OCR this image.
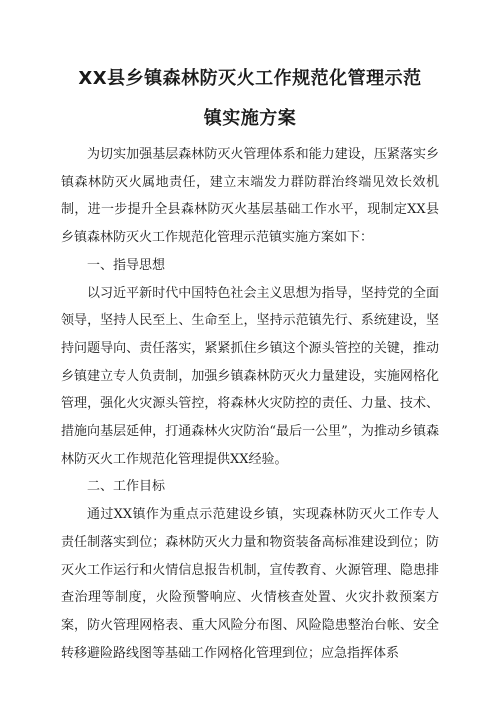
XX县乡镇森林防灭火工作规范化管理示范
镇实施方案

为切实加强基层森林防灭火管理体系和能力建设，压紧落实乡镇森林防灭火属地责任，建立末端发力群防群治终端见效长效机制，进一步提升全县森林防灭火基层基础工作水平，现制定XX县乡镇森林防灭火工作规范化管理示范镇实施方案如下：

一、指导思想

以习近平新时代中国特色社会主义思想为指导，坚持党的全面领导，坚持人民至上、生命至上，坚持示范镇先行、系统建设，坚持问题导向、责任落实，紧紧抓住乡镇这个源头管控的关键，推动乡镇建立专人负责制，加强乡镇森林防灭火力量建设，实施网格化管理，强化火灾源头管控，将森林火灾防控的责任、力量、技术、措施向基层延伸，打通森林火灾防治“最后一公里”，为推动乡镇森林防灭火工作规范化管理提供XX经验。

二、工作目标

通过XX镇作为重点示范建设乡镇，实现森林防灭火工作专人责任制落实到位；森林防灭火力量和物资装备高标准建设到位；防灭火工作运行和火情信息报告机制，宣传教育、火源管理、隐患排查治理等制度，火险预警响应、火情核查处置、火灾扑救预案方案，防火管理网格表、重大风险分布图、风险隐患整治台帐、安全转移避险路线图等基础工作网格化管理到位；应急指挥体系
